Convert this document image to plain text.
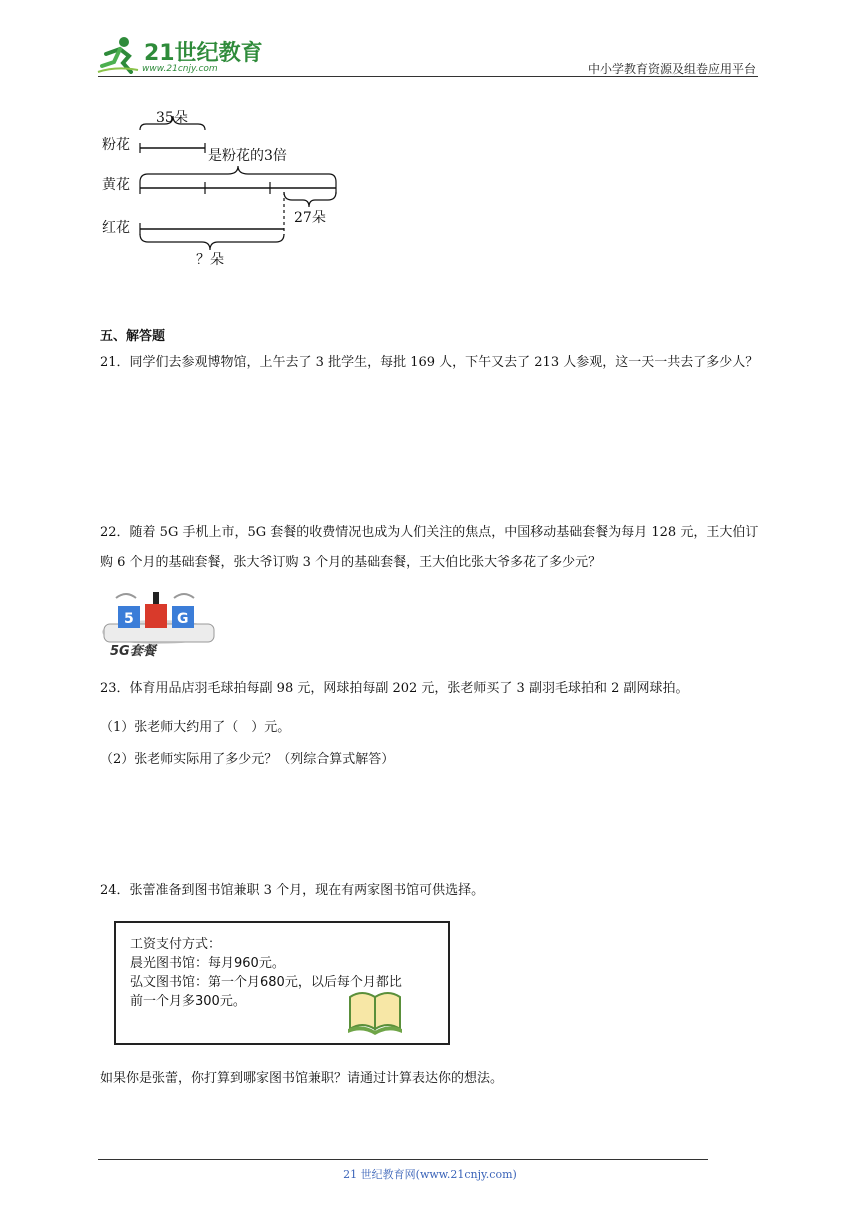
21世纪教育
www.21cnjy.com	中小学教育资源及组卷应用平台
粉花
35朵
是粉花的3倍
黄花
27朵
红花
？朵
五、解答题
21．同学们去参观博物馆，上午去了 3 批学生，每批 169 人，下午又去了 213 人参观，这一天一共去了多少人？
22．随着 5G 手机上市，5G 套餐的收费情况也成为人们关注的焦点，中国移动基础套餐为每月 128 元，王大伯订购 6 个月的基础套餐，张大爷订购 3 个月的基础套餐，王大伯比张大爷多花了多少元？
5	G
5G套餐
23．体育用品店羽毛球拍每副 98 元，网球拍每副 202 元，张老师买了 3 副羽毛球拍和 2 副网球拍。
（1）张老师大约用了（　）元。
（2）张老师实际用了多少元？（列综合算式解答）
24．张蕾准备到图书馆兼职 3 个月，现在有两家图书馆可供选择。
工资支付方式：
晨光图书馆：每月960元。
弘文图书馆：第一个月680元，以后每个月都比
前一个月多300元。
如果你是张蕾，你打算到哪家图书馆兼职？请通过计算表达你的想法。
21 世纪教育网(www.21cnjy.com)
